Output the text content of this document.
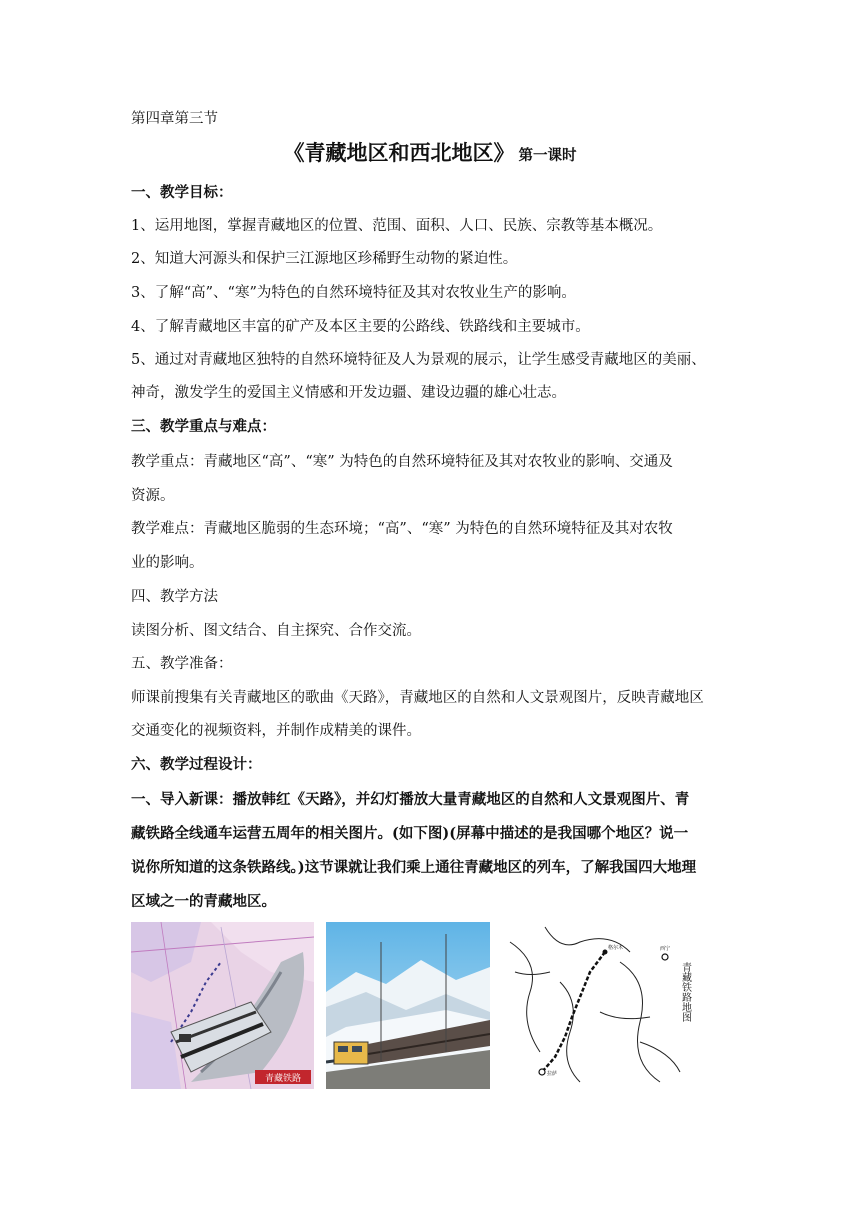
第四章第三节
《青藏地区和西北地区》 第一课时
一、教学目标：
1、运用地图，掌握青藏地区的位置、范围、面积、人口、民族、宗教等基本概况。
2、知道大河源头和保护三江源地区珍稀野生动物的紧迫性。
3、了解“高”、“寒”为特色的自然环境特征及其对农牧业生产的影响。
4、了解青藏地区丰富的矿产及本区主要的公路线、铁路线和主要城市。
5、通过对青藏地区独特的自然环境特征及人为景观的展示，让学生感受青藏地区的美丽、
神奇，激发学生的爱国主义情感和开发边疆、建设边疆的雄心壮志。
三、教学重点与难点：
教学重点：青藏地区“高”、“寒” 为特色的自然环境特征及其对农牧业的影响、交通及
资源。
教学难点：青藏地区脆弱的生态环境；“高”、“寒” 为特色的自然环境特征及其对农牧
业的影响。
四、教学方法
读图分析、图文结合、自主探究、合作交流。
五、教学准备：
师课前搜集有关青藏地区的歌曲《天路》，青藏地区的自然和人文景观图片，反映青藏地区
交通变化的视频资料，并制作成精美的课件。
六、教学过程设计：
一、导入新课：播放韩红《天路》，并幻灯播放大量青藏地区的自然和人文景观图片、青
藏铁路全线通车运营五周年的相关图片。(如下图)(屏幕中描述的是我国哪个地区？说一
说你所知道的这条铁路线。)这节课就让我们乘上通往青藏地区的列车，了解我国四大地理
区域之一的青藏地区。
青藏铁路
西宁
格尔木
拉萨
青藏铁路地图
